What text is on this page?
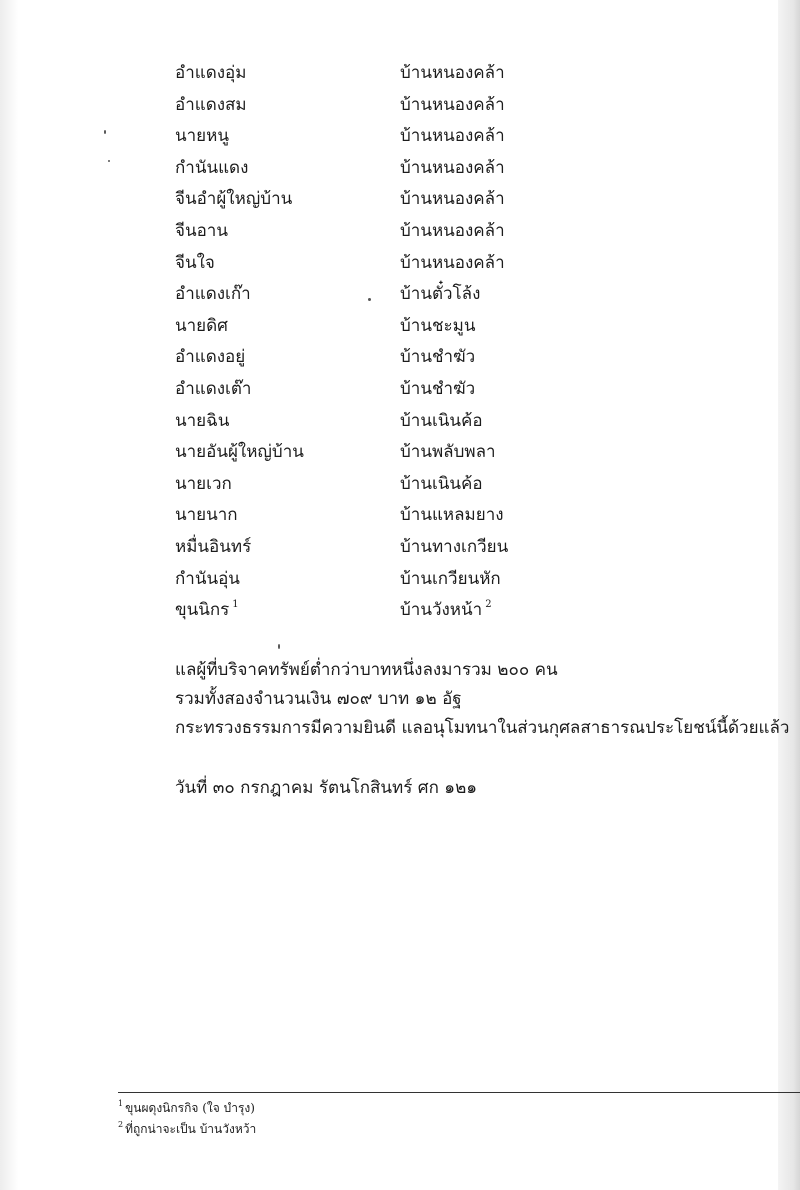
อำแดงอุ่ม	บ้านหนองคล้า
อำแดงสม	บ้านหนองคล้า
นายหนู	บ้านหนองคล้า
กำนันแดง	บ้านหนองคล้า
จีนอำผู้ใหญ่บ้าน	บ้านหนองคล้า
จีนอาน	บ้านหนองคล้า
จีนใจ	บ้านหนองคล้า
อำแดงเก๊า	บ้านตั๋วโล้ง
นายดิศ	บ้านชะมูน
อำแดงอยู่	บ้านชำฆัว
อำแดงเต๊า	บ้านชำฆัว
นายฉิน	บ้านเนินค้อ
นายอันผู้ใหญ่บ้าน	บ้านพลับพลา
นายเวก	บ้านเนินค้อ
นายนาก	บ้านแหลมยาง
หมื่นอินทร์	บ้านทางเกวียน
กำนันอุ่น	บ้านเกวียนหัก
ขุนนิกร $^1$	บ้านวังหน้า $^2$
แลผู้ที่บริจาคทรัพย์ต่ำกว่าบาทหนึ่งลงมารวม ๒๐๐ คน
รวมทั้งสองจำนวนเงิน ๗๐๙ บาท ๑๒ อัฐ
กระทรวงธรรมการมีความยินดี แลอนุโมทนาในส่วนกุศลสาธารณประโยชน์นี้ด้วยแล้ว
วันที่ ๓๐ กรกฎาคม รัตนโกสินทร์ ศก ๑๒๑
$^1$ ขุนผดุงนิกรกิจ (ใจ บำรุง)
$^2$ ที่ถูกน่าจะเป็น บ้านวังหว้า
